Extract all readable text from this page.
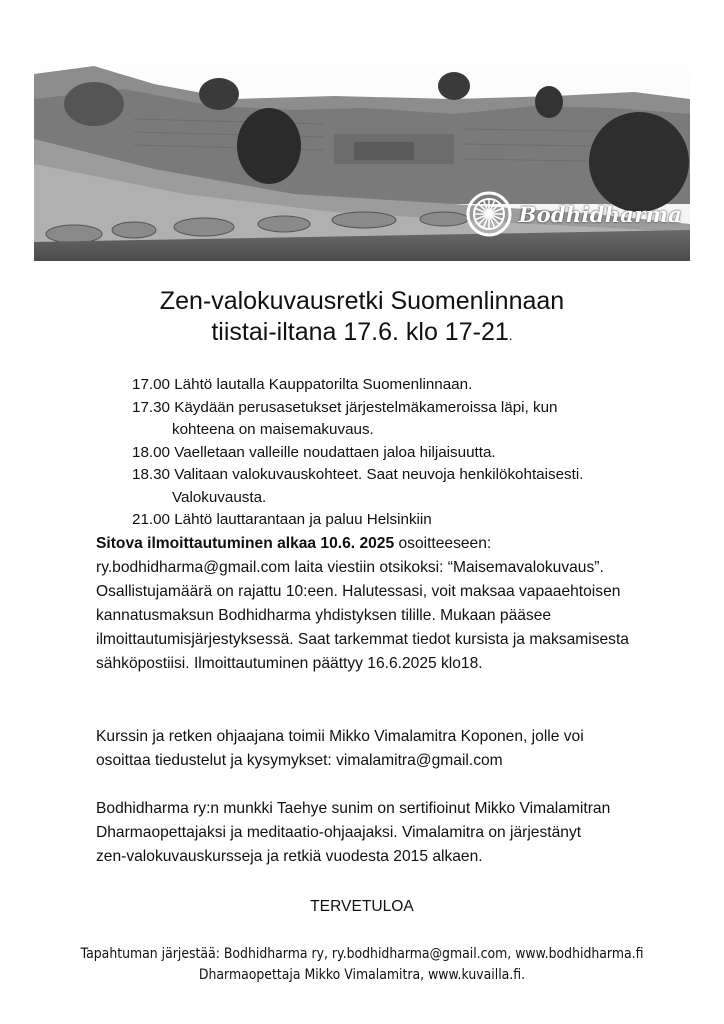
Bodhidharma
Zen-valokuvausretki Suomenlinnaan
tiistai-iltana 17.6. klo 17-21.
17.00 Lähtö lautalla Kauppatorilta Suomenlinnaan.
17.30 Käydään perusasetukset järjestelmäkameroissa läpi, kun
kohteena on maisemakuvaus.
18.00 Vaelletaan valleille noudattaen jaloa hiljaisuutta.
18.30 Valitaan valokuvauskohteet. Saat neuvoja henkilökohtaisesti.
Valokuvausta.
21.00 Lähtö lauttarantaan ja paluu Helsinkiin
Sitova ilmoittautuminen alkaa 10.6. 2025 osoitteeseen:
ry.bodhidharma@gmail.com laita viestiin otsikoksi: “Maisemavalokuvaus”.
Osallistujamäärä on rajattu 10:een. Halutessasi, voit maksaa vapaaehtoisen
kannatusmaksun Bodhidharma yhdistyksen tilille. Mukaan pääsee
ilmoittautumisjärjestyksessä. Saat tarkemmat tiedot kursista ja maksamisesta
sähköpostiisi. Ilmoittautuminen päättyy 16.6.2025 klo18.
Kurssin ja retken ohjaajana toimii Mikko Vimalamitra Koponen, jolle voi
osoittaa tiedustelut ja kysymykset: vimalamitra@gmail.com
Bodhidharma ry:n munkki Taehye sunim on sertifioinut Mikko Vimalamitran
Dharmaopettajaksi ja meditaatio-ohjaajaksi. Vimalamitra on järjestänyt
zen-valokuvauskursseja ja retkiä vuodesta 2015 alkaen.
TERVETULOA
Tapahtuman järjestää: Bodhidharma ry, ry.bodhidharma@gmail.com, www.bodhidharma.fi
Dharmaopettaja Mikko Vimalamitra, www.kuvailla.fi.
